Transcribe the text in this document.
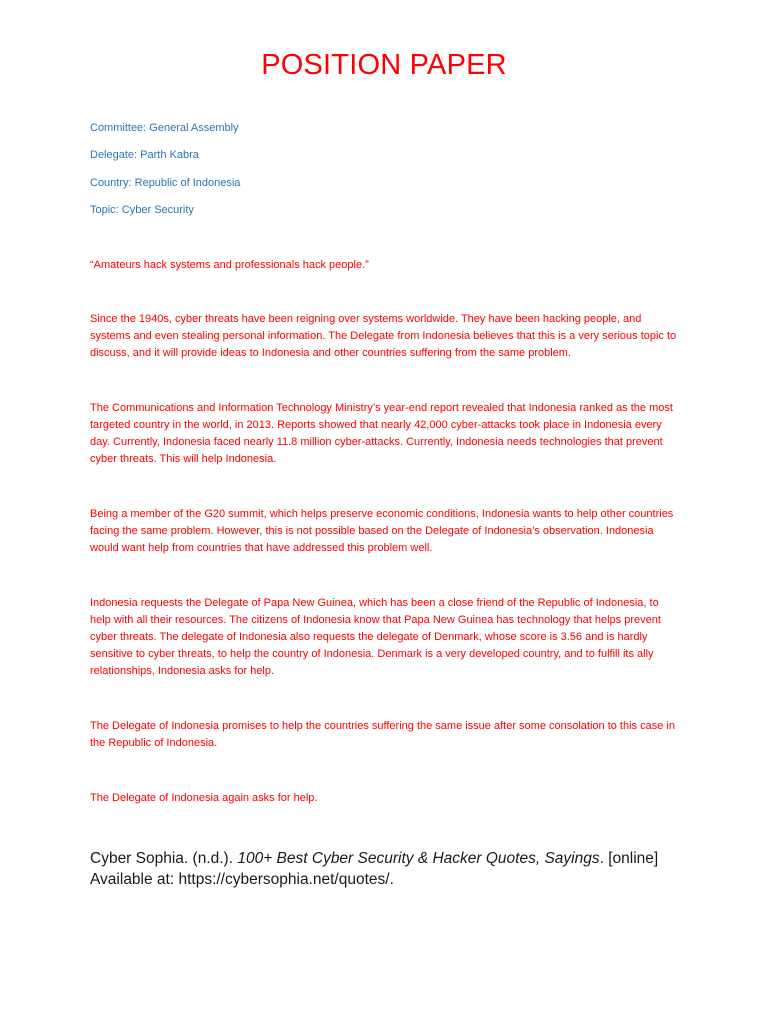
POSITION PAPER

Committee: General Assembly

Delegate: Parth Kabra

Country: Republic of Indonesia

Topic: Cyber Security

“Amateurs hack systems and professionals hack people.”

Since the 1940s, cyber threats have been reigning over systems worldwide. They have been hacking people, and systems and even stealing personal information. The Delegate from Indonesia believes that this is a very serious topic to discuss, and it will provide ideas to Indonesia and other countries suffering from the same problem.

The Communications and Information Technology Ministry’s year-end report revealed that Indonesia ranked as the most targeted country in the world, in 2013. Reports showed that nearly 42,000 cyber-attacks took place in Indonesia every day. Currently, Indonesia faced nearly 11.8 million cyber-attacks. Currently, Indonesia needs technologies that prevent cyber threats. This will help Indonesia.

Being a member of the G20 summit, which helps preserve economic conditions, Indonesia wants to help other countries facing the same problem. However, this is not possible based on the Delegate of Indonesia’s observation. Indonesia would want help from countries that have addressed this problem well.

Indonesia requests the Delegate of Papa New Guinea, which has been a close friend of the Republic of Indonesia, to help with all their resources. The citizens of Indonesia know that Papa New Guinea has technology that helps prevent cyber threats. The delegate of Indonesia also requests the delegate of Denmark, whose score is 3.56 and is hardly sensitive to cyber threats, to help the country of Indonesia. Denmark is a very developed country, and to fulfill its ally relationships, Indonesia asks for help.

The Delegate of Indonesia promises to help the countries suffering the same issue after some consolation to this case in the Republic of Indonesia.

The Delegate of Indonesia again asks for help.

Cyber Sophia. (n.d.). 100+ Best Cyber Security & Hacker Quotes, Sayings. [online] Available at: https://cybersophia.net/quotes/.
